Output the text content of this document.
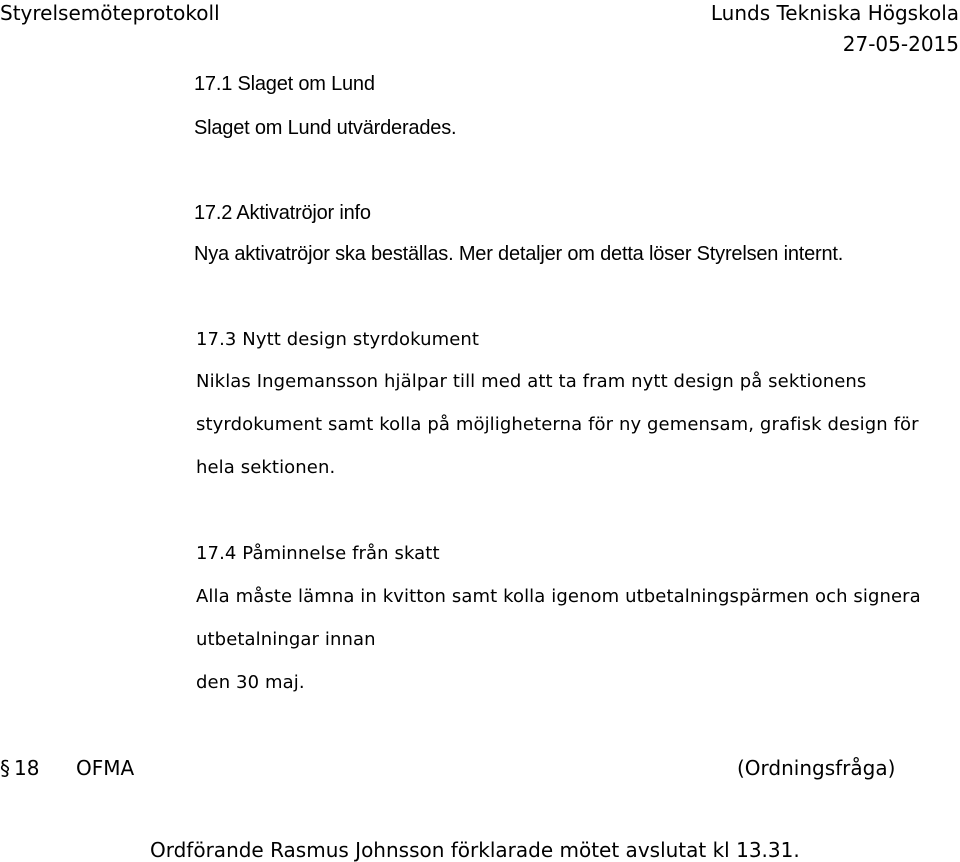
Styrelsemöteprotokoll	Lunds Tekniska Högskola
27-05-2015
17.1 Slaget om Lund
Slaget om Lund utvärderades.
17.2 Aktivatröjor info
Nya aktivatröjor ska beställas. Mer detaljer om detta löser Styrelsen internt.
17.3 Nytt design styrdokument
Niklas Ingemansson hjälpar till med att ta fram nytt design på sektionens
styrdokument samt kolla på möjligheterna för ny gemensam, grafisk design för
hela sektionen.
17.4 Påminnelse från skatt
Alla måste lämna in kvitton samt kolla igenom utbetalningspärmen och signera
utbetalningar innan
den 30 maj.
§ 18 OFMA	(Ordningsfråga)
Ordförande Rasmus Johnsson förklarade mötet avslutat kl 13.31.
